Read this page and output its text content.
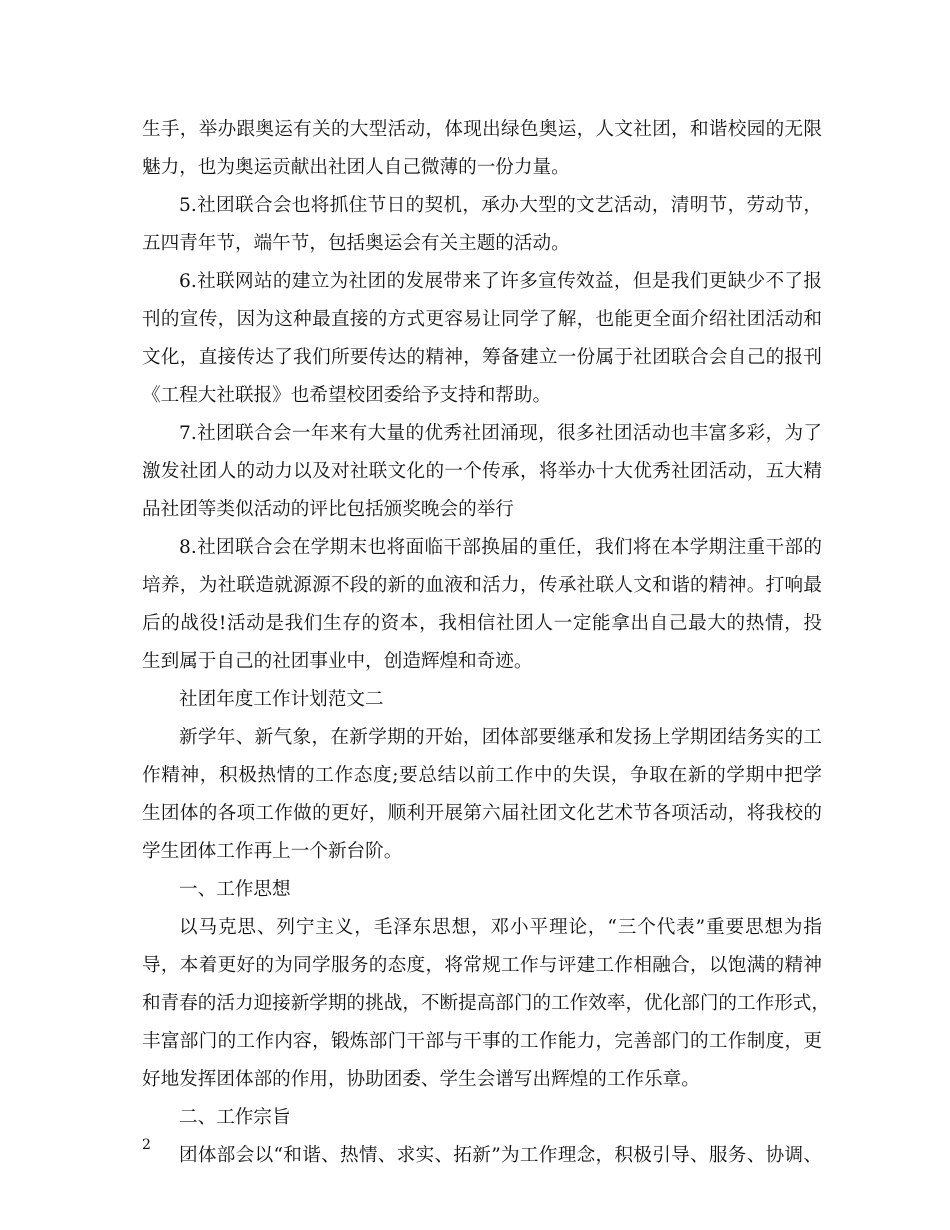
生手，举办跟奥运有关的大型活动，体现出绿色奥运，人文社团，和谐校园的无限
魅力，也为奥运贡献出社团人自己微薄的一份力量。
5.社团联合会也将抓住节日的契机，承办大型的文艺活动，清明节，劳动节，
五四青年节，端午节，包括奥运会有关主题的活动。
6.社联网站的建立为社团的发展带来了许多宣传效益，但是我们更缺少不了报
刊的宣传，因为这种最直接的方式更容易让同学了解，也能更全面介绍社团活动和
文化，直接传达了我们所要传达的精神，筹备建立一份属于社团联合会自己的报刊
《工程大社联报》也希望校团委给予支持和帮助。
7.社团联合会一年来有大量的优秀社团涌现，很多社团活动也丰富多彩，为了
激发社团人的动力以及对社联文化的一个传承，将举办十大优秀社团活动，五大精
品社团等类似活动的评比包括颁奖晚会的举行
8.社团联合会在学期末也将面临干部换届的重任，我们将在本学期注重干部的
培养，为社联造就源源不段的新的血液和活力，传承社联人文和谐的精神。打响最
后的战役!活动是我们生存的资本，我相信社团人一定能拿出自己最大的热情，投
生到属于自己的社团事业中，创造辉煌和奇迹。
社团年度工作计划范文二
新学年、新气象，在新学期的开始，团体部要继承和发扬上学期团结务实的工
作精神，积极热情的工作态度;要总结以前工作中的失误，争取在新的学期中把学
生团体的各项工作做的更好，顺利开展第六届社团文化艺术节各项活动，将我校的
学生团体工作再上一个新台阶。
一、工作思想
以马克思、列宁主义，毛泽东思想，邓小平理论，“三个代表”重要思想为指
导，本着更好的为同学服务的态度，将常规工作与评建工作相融合，以饱满的精神
和青春的活力迎接新学期的挑战，不断提高部门的工作效率，优化部门的工作形式，
丰富部门的工作内容，锻炼部门干部与干事的工作能力，完善部门的工作制度，更
好地发挥团体部的作用，协助团委、学生会谱写出辉煌的工作乐章。
二、工作宗旨
团体部会以“和谐、热情、求实、拓新”为工作理念，积极引导、服务、协调、
2
